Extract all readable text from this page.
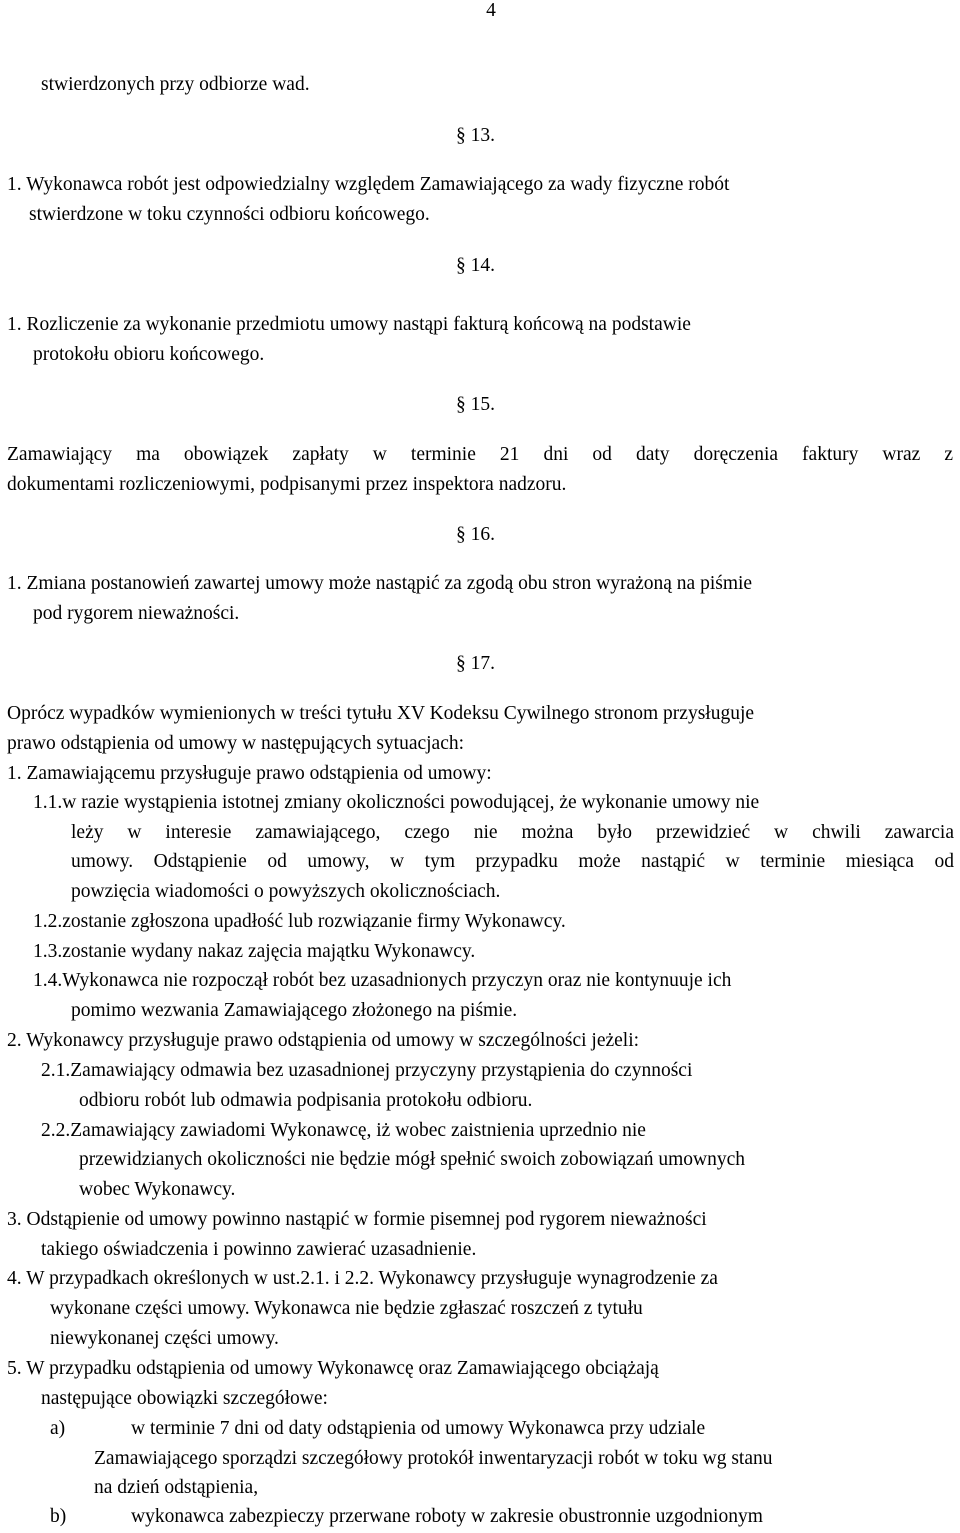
4
stwierdzonych przy odbiorze wad.
§ 13.
1. Wykonawca robót jest odpowiedzialny względem Zamawiającego za wady fizyczne robót
stwierdzone w toku czynności odbioru końcowego.
§ 14.
1. Rozliczenie za wykonanie przedmiotu umowy nastąpi fakturą końcową na podstawie
protokołu obioru końcowego.
§ 15.
Zamawiający ma obowiązek zapłaty w terminie 21 dni od daty doręczenia faktury wraz z
dokumentami rozliczeniowymi, podpisanymi przez inspektora nadzoru.
§ 16.
1. Zmiana postanowień zawartej umowy może nastąpić za zgodą obu stron wyrażoną na piśmie
pod rygorem nieważności.
§ 17.
Oprócz wypadków wymienionych w treści tytułu XV Kodeksu Cywilnego stronom przysługuje
prawo odstąpienia od umowy w następujących sytuacjach:
1. Zamawiającemu przysługuje prawo odstąpienia od umowy:
1.1.w razie wystąpienia istotnej zmiany okoliczności powodującej, że wykonanie umowy nie
leży w interesie zamawiającego, czego nie można było przewidzieć w chwili zawarcia
umowy. Odstąpienie od umowy, w tym przypadku może nastąpić w terminie miesiąca od
powzięcia wiadomości o powyższych okolicznościach.
1.2.zostanie zgłoszona upadłość lub rozwiązanie firmy Wykonawcy.
1.3.zostanie wydany nakaz zajęcia majątku Wykonawcy.
1.4.Wykonawca nie rozpoczął robót bez uzasadnionych przyczyn oraz nie kontynuuje ich
pomimo wezwania Zamawiającego złożonego na piśmie.
2. Wykonawcy przysługuje prawo odstąpienia od umowy w szczególności jeżeli:
2.1.Zamawiający odmawia bez uzasadnionej przyczyny przystąpienia do czynności
odbioru robót lub odmawia podpisania protokołu odbioru.
2.2.Zamawiający zawiadomi Wykonawcę, iż wobec zaistnienia uprzednio nie
przewidzianych okoliczności nie będzie mógł spełnić swoich zobowiązań umownych
wobec Wykonawcy.
3. Odstąpienie od umowy powinno nastąpić w formie pisemnej pod rygorem nieważności
takiego oświadczenia i powinno zawierać uzasadnienie.
4. W przypadkach określonych w ust.2.1. i 2.2. Wykonawcy przysługuje wynagrodzenie za
wykonane części umowy. Wykonawca nie będzie zgłaszać roszczeń z tytułu
niewykonanej części umowy.
5. W przypadku odstąpienia od umowy Wykonawcę oraz Zamawiającego obciążają
następujące obowiązki szczegółowe:
a)	w terminie 7 dni od daty odstąpienia od umowy Wykonawca przy udziale
Zamawiającego sporządzi szczegółowy protokół inwentaryzacji robót w toku wg stanu
na dzień odstąpienia,
b)	wykonawca zabezpieczy przerwane roboty w zakresie obustronnie uzgodnionym
